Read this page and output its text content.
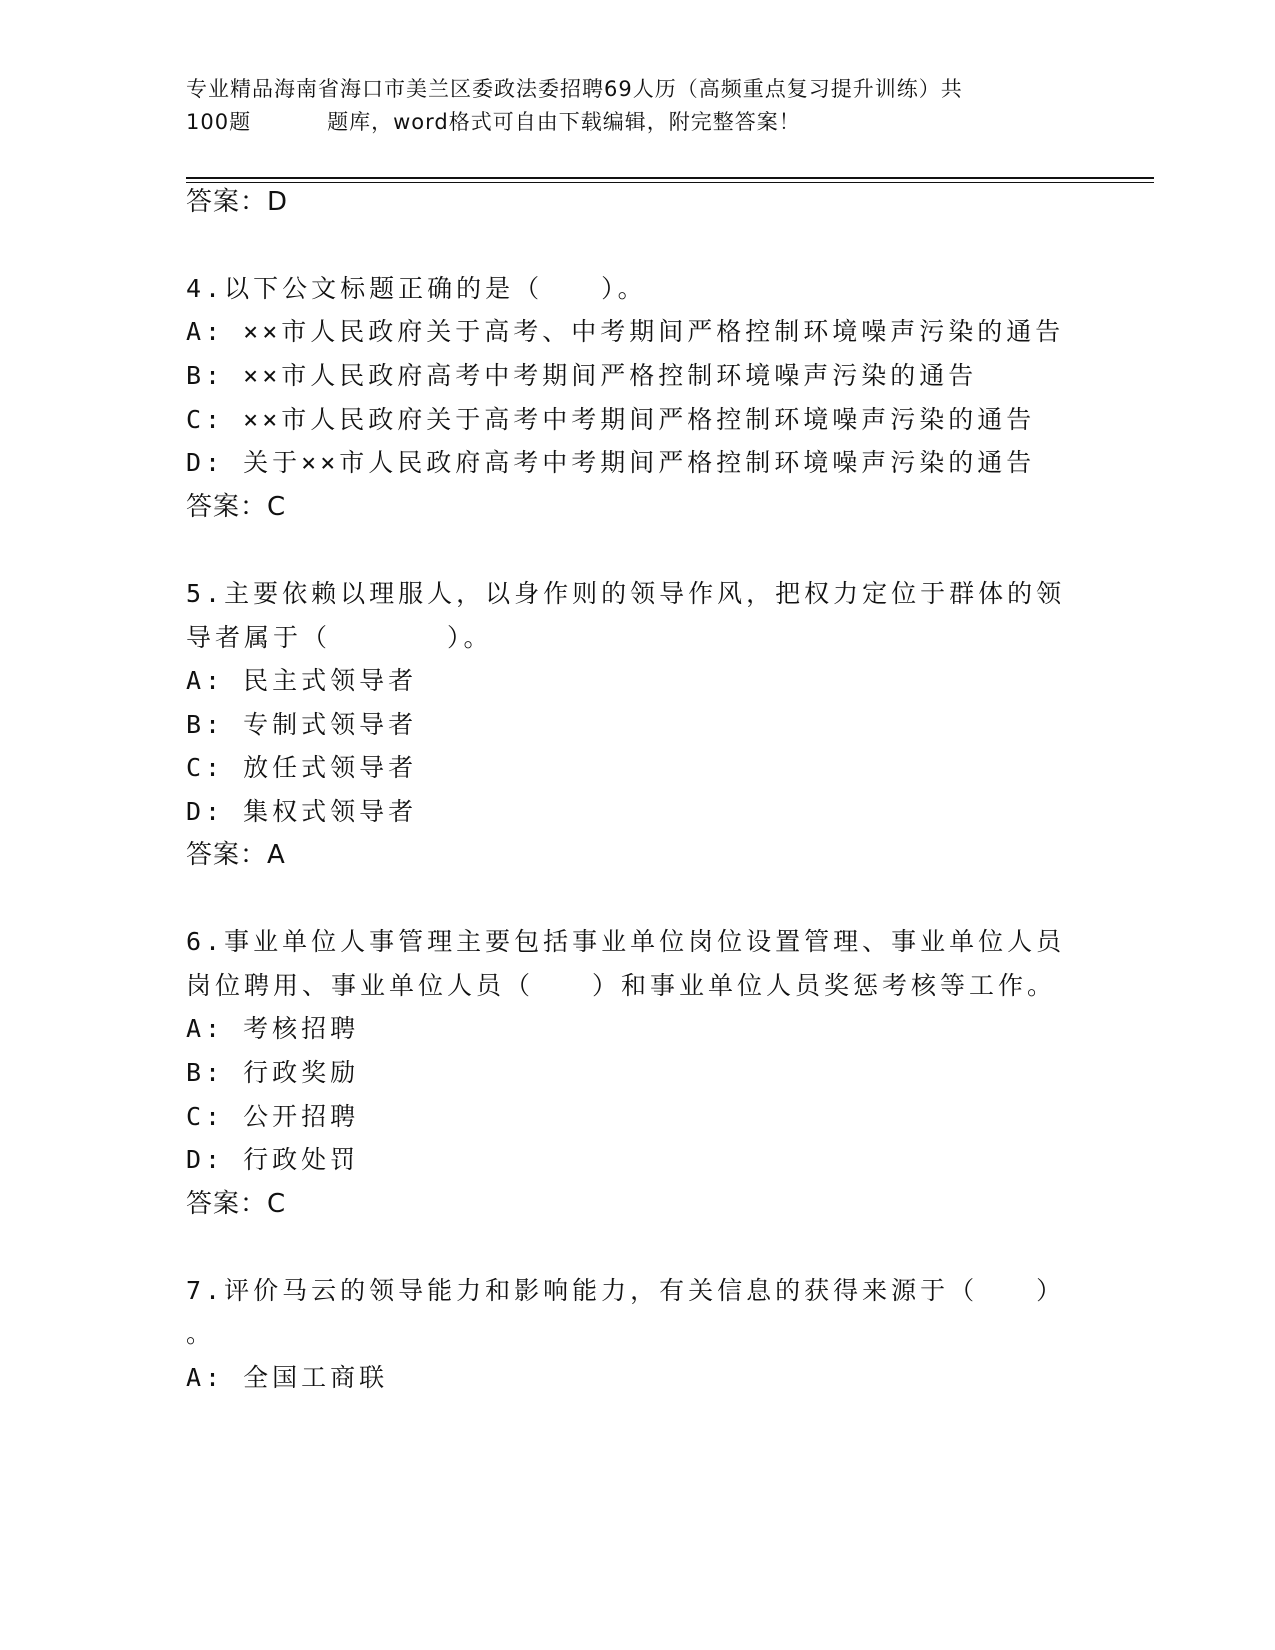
专业精品海南省海口市美兰区委政法委招聘69人历（高频重点复习提升训练）共
100题	题库，word格式可自由下载编辑，附完整答案！
答案：D
4.以下公文标题正确的是（　　）。
A: ××市人民政府关于高考、中考期间严格控制环境噪声污染的通告
B: ××市人民政府高考中考期间严格控制环境噪声污染的通告
C: ××市人民政府关于高考中考期间严格控制环境噪声污染的通告
D: 关于××市人民政府高考中考期间严格控制环境噪声污染的通告
答案：C
5.主要依赖以理服人，以身作则的领导作风，把权力定位于群体的领
导者属于（　　　　）。
A: 民主式领导者
B: 专制式领导者
C: 放任式领导者
D: 集权式领导者
答案：A
6.事业单位人事管理主要包括事业单位岗位设置管理、事业单位人员
岗位聘用、事业单位人员（　　）和事业单位人员奖惩考核等工作。
A: 考核招聘
B: 行政奖励
C: 公开招聘
D: 行政处罚
答案：C
7.评价马云的领导能力和影响能力，有关信息的获得来源于（　　）
。
A: 全国工商联
